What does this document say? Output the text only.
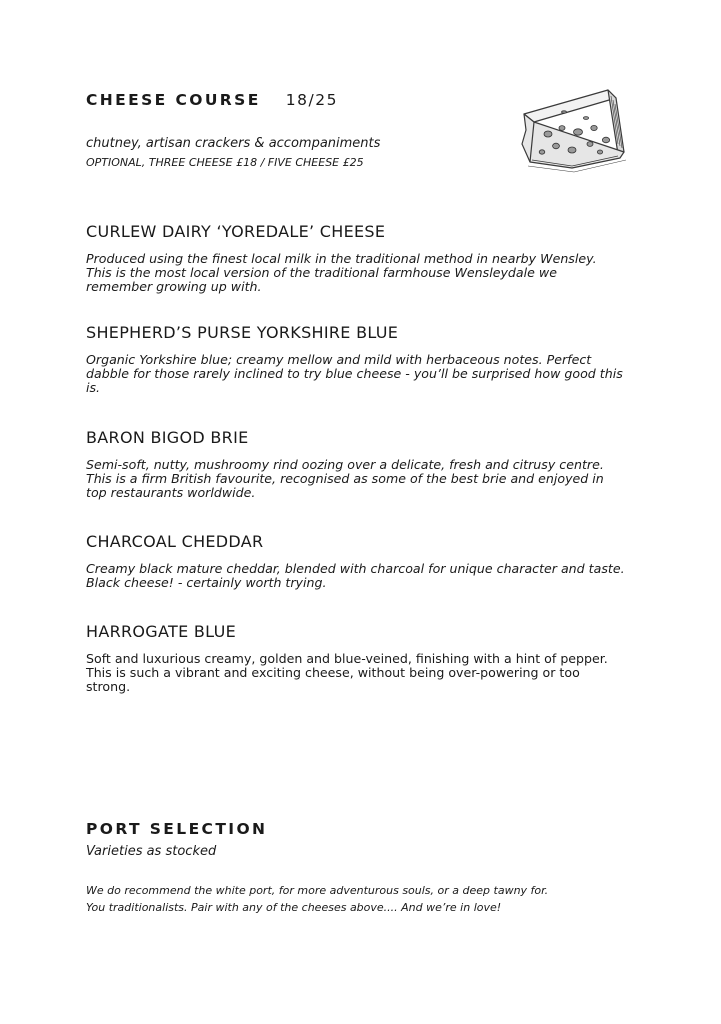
CHEESE COURSE 18/25
chutney, artisan crackers & accompaniments
OPTIONAL, THREE CHEESE £18 / FIVE CHEESE £25
CURLEW DAIRY ‘YOREDALE’ CHEESE

Produced using the finest local milk in the traditional method in nearby Wensley. This is the most local version of the traditional farmhouse Wensleydale we remember growing up with.

SHEPHERD’S PURSE YORKSHIRE BLUE

Organic Yorkshire blue; creamy mellow and mild with herbaceous notes. Perfect dabble for those rarely inclined to try blue cheese - you’ll be surprised how good this is.

BARON BIGOD BRIE

Semi-soft, nutty, mushroomy rind oozing over a delicate, fresh and citrusy centre. This is a firm British favourite, recognised as some of the best brie and enjoyed in top restaurants worldwide.

CHARCOAL CHEDDAR

Creamy black mature cheddar, blended with charcoal for unique character and taste. Black cheese! - certainly worth trying.

HARROGATE BLUE

Soft and luxurious creamy, golden and blue-veined, finishing with a hint of pepper. This is such a vibrant and exciting cheese, without being over-powering or too strong.

PORT SELECTION
Varieties as stocked
We do recommend the white port, for more adventurous souls, or a deep tawny for.
You traditionalists. Pair with any of the cheeses above.... And we’re in love!
